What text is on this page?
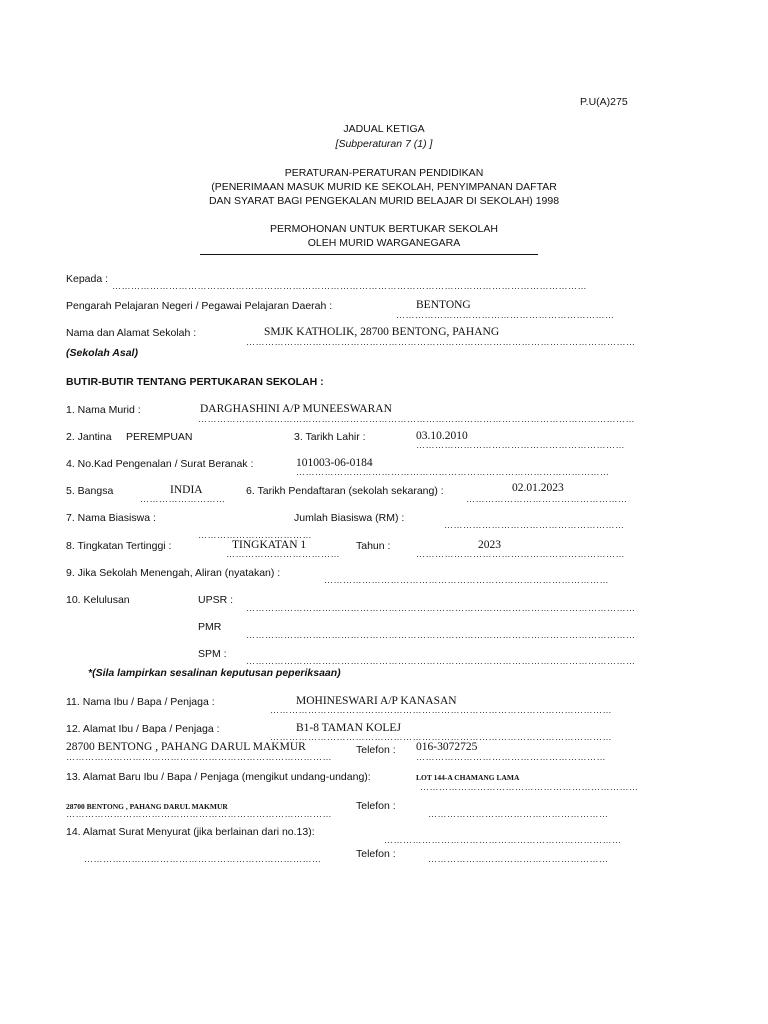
P.U(A)275
JADUAL KETIGA
[Subperaturan 7 (1) ]
PERATURAN-PERATURAN PENDIDIKAN
(PENERIMAAN MASUK MURID KE SEKOLAH, PENYIMPANAN DAFTAR
DAN SYARAT BAGI PENGEKALAN MURID BELAJAR DI SEKOLAH) 1998
PERMOHONAN UNTUK BERTUKAR SEKOLAH
OLEH MURID WARGANEGARA
Kepada :
……………………………………………………………………………………………………………………………………
Pengarah Pelajaran Negeri / Pegawai Pelajaran Daerah :	BENTONG
……………………………………………………………
Nama dan Alamat Sekolah :	SMJK KATHOLIK, 28700 BENTONG, PAHANG
……………………………………………………………………………………………………………
(Sekolah Asal)
BUTIR-BUTIR TENTANG PERTUKARAN SEKOLAH :
1. Nama Murid :	DARGHASHINI A/P MUNEESWARAN
…………………………………………………………………………………………………………………………
2. Jantina PEREMPUAN	3. Tarikh Lahir :	03.10.2010
…………………………………………………………
4. No.Kad Pengenalan / Surat Beranak :	101003-06-0184
………………………………………………………………………………………
5. Bangsa	INDIA
………………………
6. Tarikh Pendaftaran (sekolah sekarang) :	02.01.2023
……………………………………………
7. Nama Biasiswa :
………………………………
Jumlah Biasiswa (RM) :
…………………………………………………
8. Tingkatan Tertinggi :	TINGKATAN 1
………………………………
Tahun :	2023
…………………………………………………………
9. Jika Sekolah Menengah, Aliran (nyatakan) :
………………………………………………………………………………
10. Kelulusan	UPSR :
……………………………………………………………………………………………………………
PMR
……………………………………………………………………………………………………………
SPM :
……………………………………………………………………………………………………………
*(Sila lampirkan sesalinan keputusan peperiksaan)
11. Nama Ibu / Bapa / Penjaga :	MOHINESWARI A/P KANASAN
………………………………………………………………………………………………
12. Alamat Ibu / Bapa / Penjaga :	B1-8 TAMAN KOLEJ
………………………………………………………………………………………………
28700 BENTONG , PAHANG DARUL MAKMUR
…………………………………………………………………………
Telefon : 016-3072725
……………………………………………………
13. Alamat Baru Ibu / Bapa / Penjaga (mengikut undang-undang):	LOT 144-A CHAMANG LAMA
……………………………………………………………
28700 BENTONG , PAHANG DARUL MAKMUR
…………………………………………………………………………
Telefon :
…………………………………………………
14. Alamat Surat Menyurat (jika berlainan dari no.13):
…………………………………………………………………
…………………………………………………………………	Telefon :	…………………………………………………
